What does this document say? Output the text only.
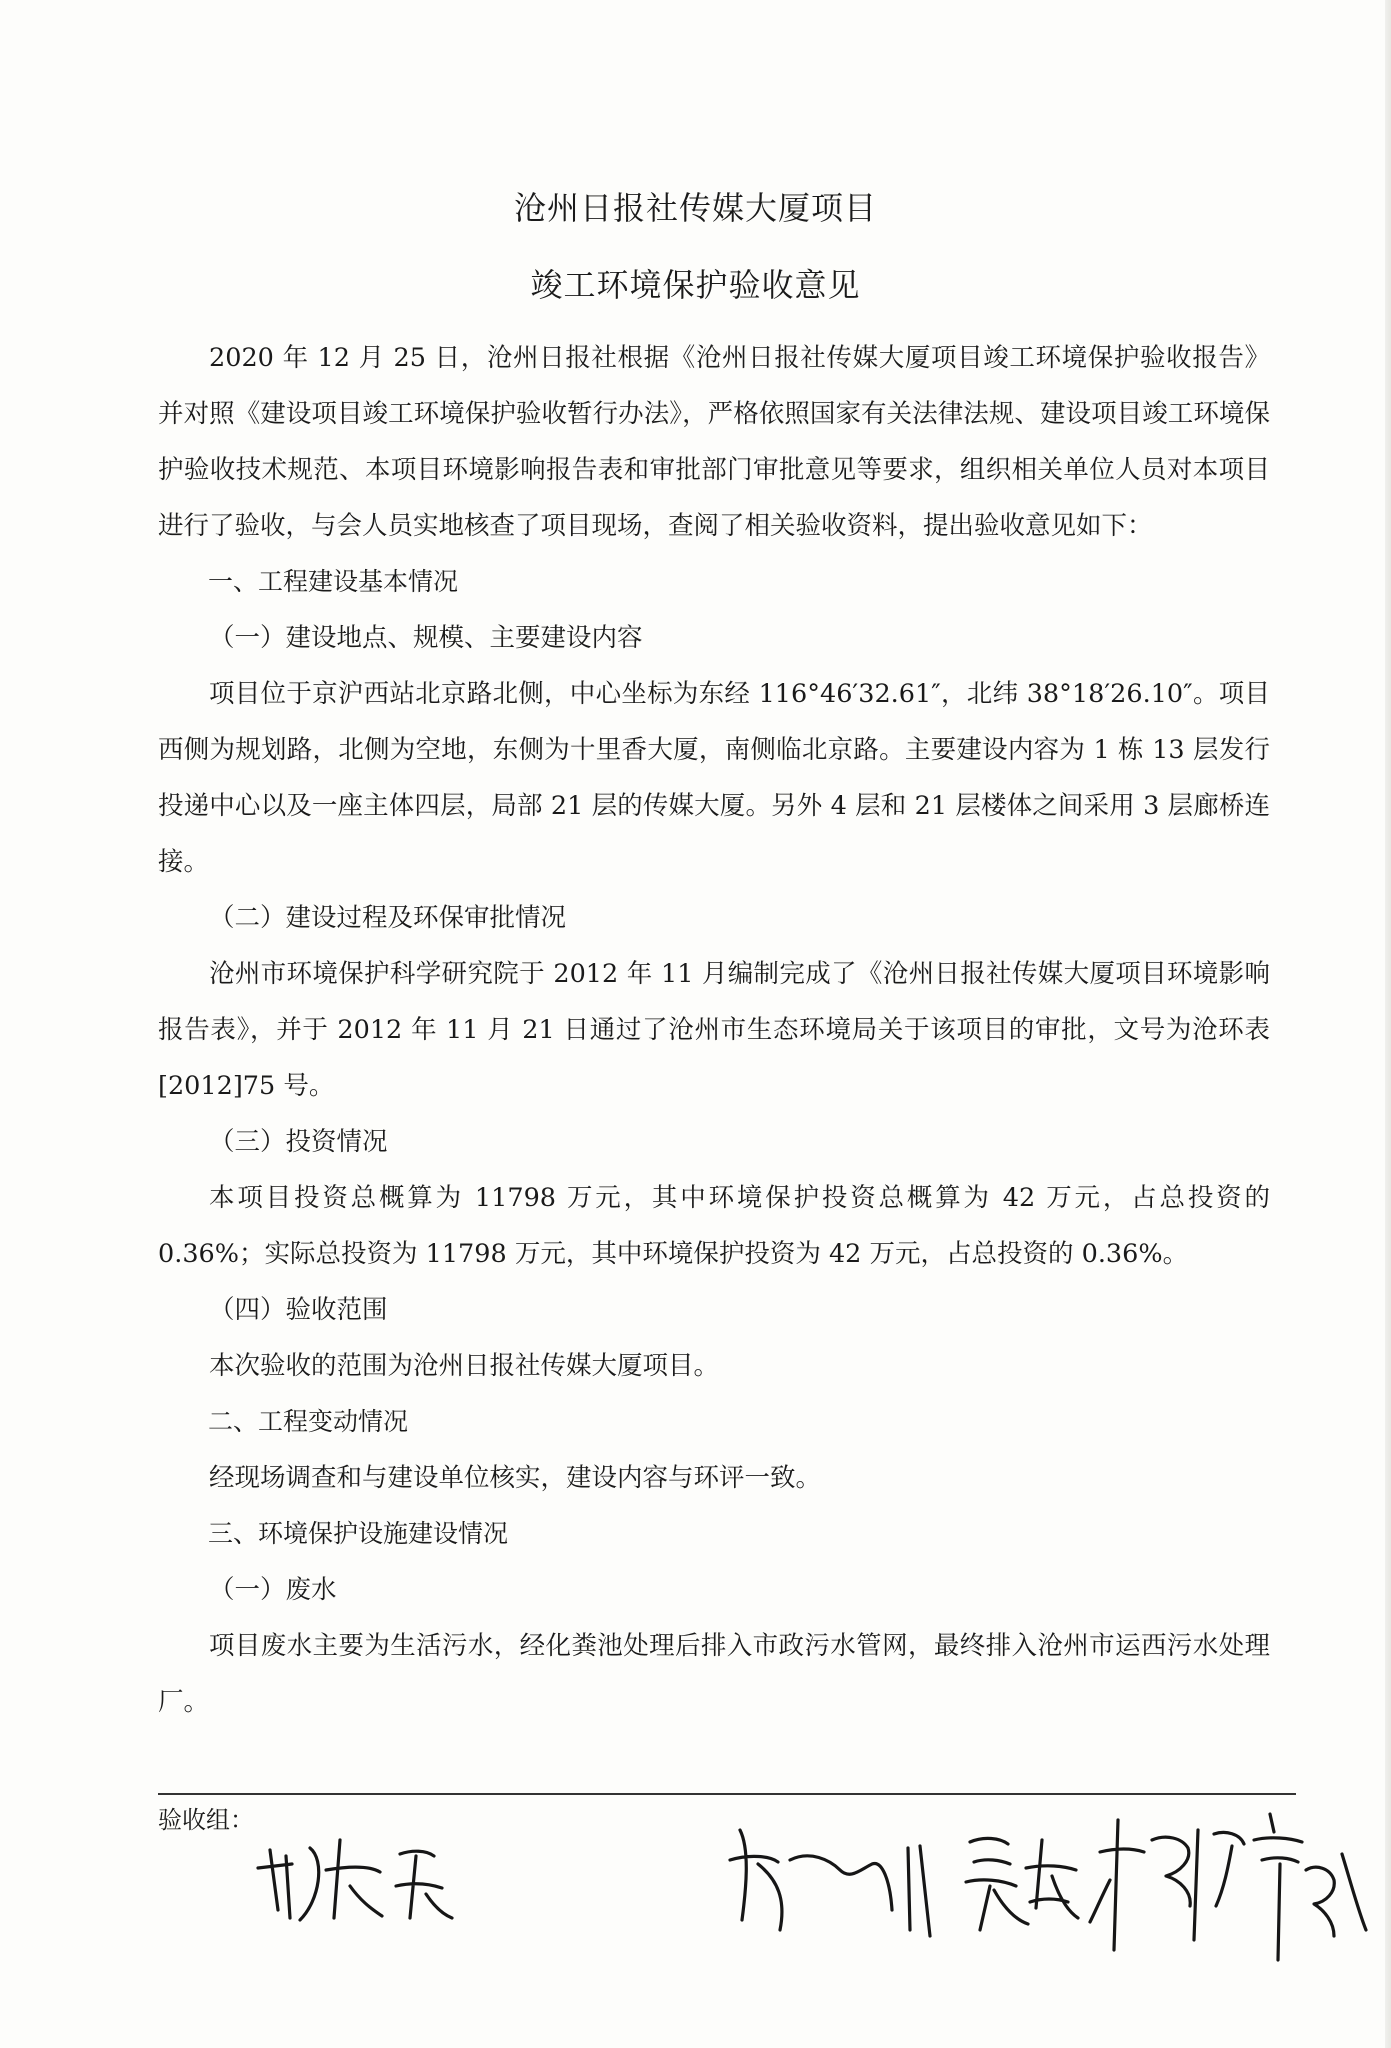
沧州日报社传媒大厦项目
竣工环境保护验收意见

2020 年 12 月 25 日，沧州日报社根据《沧州日报社传媒大厦项目竣工环境保护验收报告》并对照《建设项目竣工环境保护验收暂行办法》，严格依照国家有关法律法规、建设项目竣工环境保护验收技术规范、本项目环境影响报告表和审批部门审批意见等要求，组织相关单位人员对本项目进行了验收，与会人员实地核查了项目现场，查阅了相关验收资料，提出验收意见如下：

一、工程建设基本情况

（一）建设地点、规模、主要建设内容

项目位于京沪西站北京路北侧，中心坐标为东经 116°46′32.61″，北纬 38°18′26.10″。项目西侧为规划路，北侧为空地，东侧为十里香大厦，南侧临北京路。主要建设内容为 1 栋 13 层发行投递中心以及一座主体四层，局部 21 层的传媒大厦。另外 4 层和 21 层楼体之间采用 3 层廊桥连接。

（二）建设过程及环保审批情况

沧州市环境保护科学研究院于 2012 年 11 月编制完成了《沧州日报社传媒大厦项目环境影响报告表》，并于 2012 年 11 月 21 日通过了沧州市生态环境局关于该项目的审批，文号为沧环表[2012]75 号。

（三）投资情况

本项目投资总概算为 11798 万元，其中环境保护投资总概算为 42 万元，占总投资的 0.36%；实际总投资为 11798 万元，其中环境保护投资为 42 万元，占总投资的 0.36%。

（四）验收范围

本次验收的范围为沧州日报社传媒大厦项目。

二、工程变动情况

经现场调查和与建设单位核实，建设内容与环评一致。

三、环境保护设施建设情况

（一）废水

项目废水主要为生活污水，经化粪池处理后排入市政污水管网，最终排入沧州市运西污水处理厂。

验收组：
